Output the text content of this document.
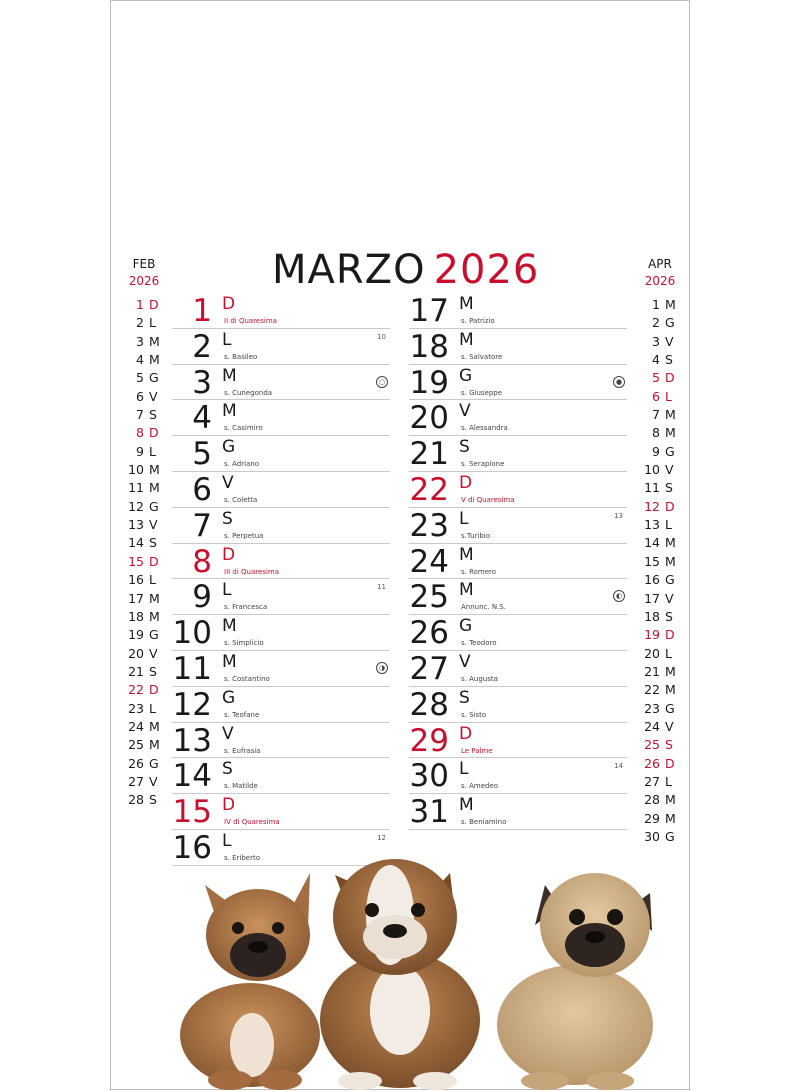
FEB
2026
1 D
2 L
3 M
4 M
5 G
6 V
7 S
8 D
9 L
10 M
11 M
12 G
13 V
14 S
15 D
16 L
17 M
18 M
19 G
20 V
21 S
22 D
23 L
24 M
25 M
26 G
27 V
28 S
APR
2026
1 M
2 G
3 V
4 S
5 D
6 L
7 M
8 M
9 G
10 V
11 S
12 D
13 L
14 M
15 M
16 G
17 V
18 S
19 D
20 L
21 M
22 M
23 G
24 V
25 S
26 D
27 L
28 M
29 M
30 G
MARZO 2026
1 D
II di Quaresima
2 L
s. Basileo
10
3 M
s. Cunegonda
○
4 M
s. Casimiro
5 G
s. Adriano
6 V
s. Coletta
7 S
s. Perpetua
8 D
III di Quaresima
9 L
s. Francesca
11
10 M
s. Simplicio
11 M
s. Costantino
◑
12 G
s. Teofane
13 V
s. Eufrasia
14 S
s. Matilde
15 D
IV di Quaresima
16 L
s. Eriberto
12
17 M
s. Patrizio
18 M
s. Salvatore
19 G
s. Giuseppe
●
20 V
s. Alessandra
21 S
s. Serapione
22 D
V di Quaresima
23 L
s.Turibio
13
24 M
s. Romero
25 M
Annunc. N.S.
◐
26 G
s. Teodoro
27 V
s. Augusta
28 S
s. Sisto
29 D
Le Palme
30 L
s. Amedeo
14
31 M
s. Beniamino
